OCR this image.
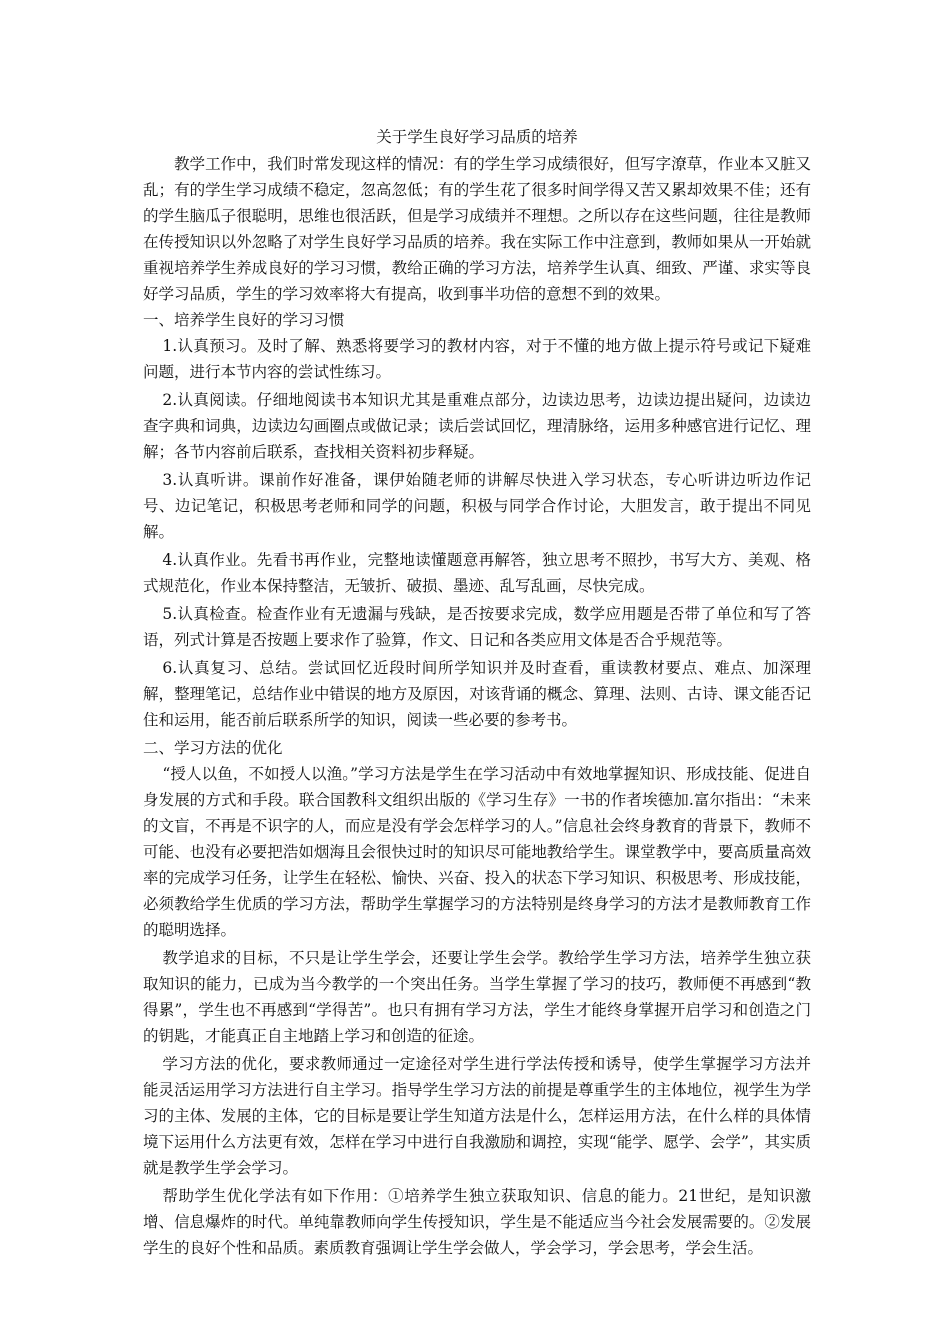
关于学生良好学习品质的培养
教学工作中，我们时常发现这样的情况：有的学生学习成绩很好，但写字潦草，作业本又脏又乱；有的学生学习成绩不稳定，忽高忽低；有的学生花了很多时间学得又苦又累却效果不佳；还有的学生脑瓜子很聪明，思维也很活跃，但是学习成绩并不理想。之所以存在这些问题，往往是教师在传授知识以外忽略了对学生良好学习品质的培养。我在实际工作中注意到，教师如果从一开始就重视培养学生养成良好的学习习惯，教给正确的学习方法，培养学生认真、细致、严谨、求实等良好学习品质，学生的学习效率将大有提高，收到事半功倍的意想不到的效果。
一、培养学生良好的学习习惯
1.认真预习。及时了解、熟悉将要学习的教材内容，对于不懂的地方做上提示符号或记下疑难问题，进行本节内容的尝试性练习。
2.认真阅读。仔细地阅读书本知识尤其是重难点部分，边读边思考，边读边提出疑问，边读边查字典和词典，边读边勾画圈点或做记录；读后尝试回忆，理清脉络，运用多种感官进行记忆、理解；各节内容前后联系，查找相关资料初步释疑。
3.认真听讲。课前作好准备，课伊始随老师的讲解尽快进入学习状态，专心听讲边听边作记号、边记笔记，积极思考老师和同学的问题，积极与同学合作讨论，大胆发言，敢于提出不同见解。
4.认真作业。先看书再作业，完整地读懂题意再解答，独立思考不照抄，书写大方、美观、格式规范化，作业本保持整洁，无皱折、破损、墨迹、乱写乱画，尽快完成。
5.认真检查。检查作业有无遗漏与残缺，是否按要求完成，数学应用题是否带了单位和写了答语，列式计算是否按题上要求作了验算，作文、日记和各类应用文体是否合乎规范等。
6.认真复习、总结。尝试回忆近段时间所学知识并及时查看，重读教材要点、难点、加深理解，整理笔记，总结作业中错误的地方及原因，对该背诵的概念、算理、法则、古诗、课文能否记住和运用，能否前后联系所学的知识，阅读一些必要的参考书。
二、学习方法的优化
“授人以鱼，不如授人以渔。”学习方法是学生在学习活动中有效地掌握知识、形成技能、促进自身发展的方式和手段。联合国教科文组织出版的《学习生存》一书的作者埃德加.富尔指出：“未来的文盲，不再是不识字的人，而应是没有学会怎样学习的人。”信息社会终身教育的背景下，教师不可能、也没有必要把浩如烟海且会很快过时的知识尽可能地教给学生。课堂教学中，要高质量高效率的完成学习任务，让学生在轻松、愉快、兴奋、投入的状态下学习知识、积极思考、形成技能，必须教给学生优质的学习方法，帮助学生掌握学习的方法特别是终身学习的方法才是教师教育工作的聪明选择。
教学追求的目标，不只是让学生学会，还要让学生会学。教给学生学习方法，培养学生独立获取知识的能力，已成为当今教学的一个突出任务。当学生掌握了学习的技巧，教师便不再感到“教得累”，学生也不再感到“学得苦”。也只有拥有学习方法，学生才能终身掌握开启学习和创造之门的钥匙，才能真正自主地踏上学习和创造的征途。
学习方法的优化，要求教师通过一定途径对学生进行学法传授和诱导，使学生掌握学习方法并能灵活运用学习方法进行自主学习。指导学生学习方法的前提是尊重学生的主体地位，视学生为学习的主体、发展的主体，它的目标是要让学生知道方法是什么，怎样运用方法，在什么样的具体情境下运用什么方法更有效，怎样在学习中进行自我激励和调控，实现“能学、愿学、会学”，其实质就是教学生学会学习。
帮助学生优化学法有如下作用：①培养学生独立获取知识、信息的能力。21世纪，是知识激增、信息爆炸的时代。单纯靠教师向学生传授知识，学生是不能适应当今社会发展需要的。②发展学生的良好个性和品质。素质教育强调让学生学会做人，学会学习，学会思考，学会生活。
